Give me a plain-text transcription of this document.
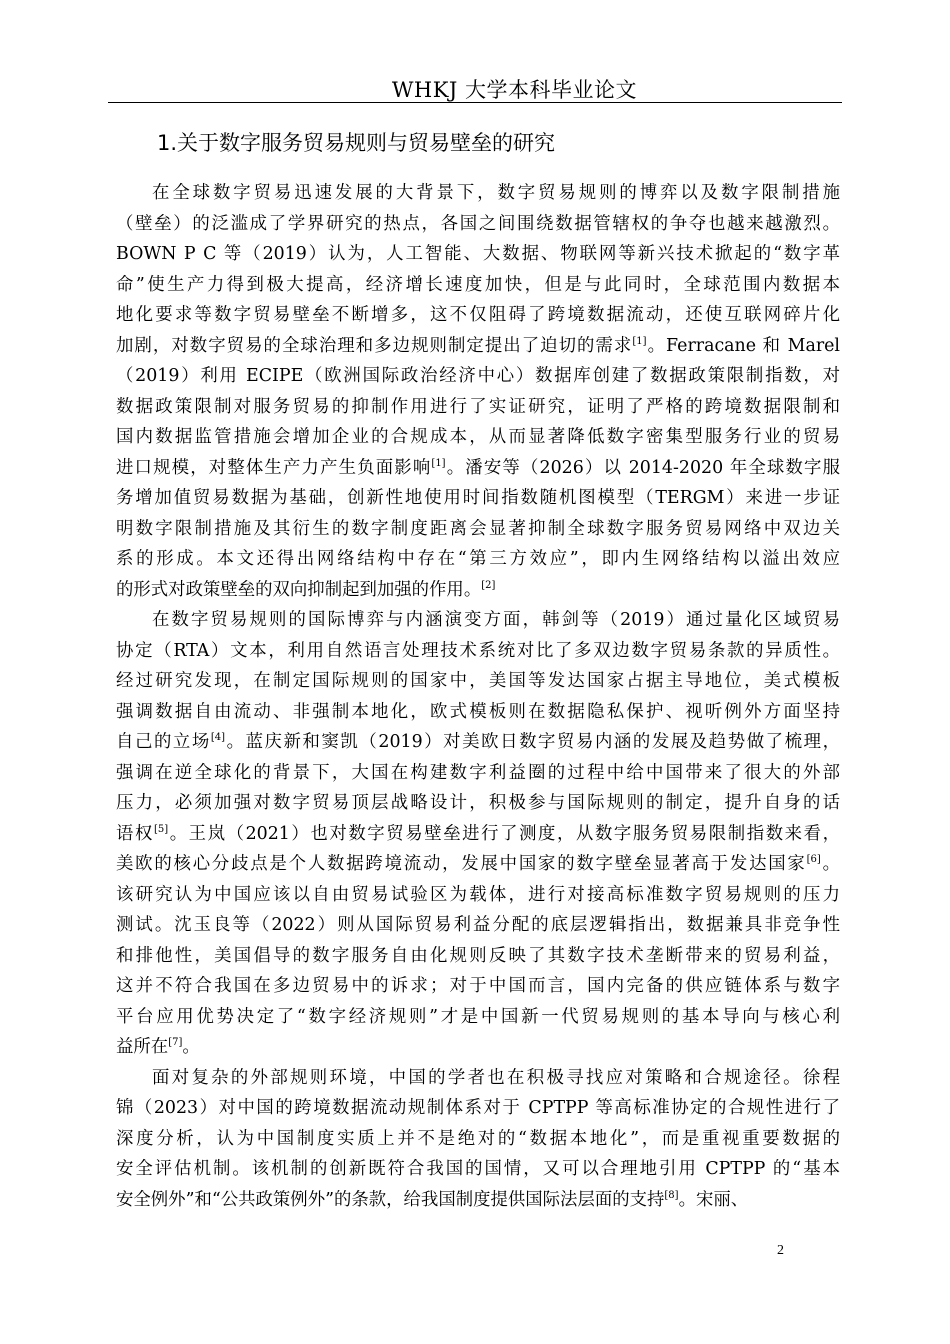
WHKJ 大学本科毕业论文
1.关于数字服务贸易规则与贸易壁垒的研究
在全球数字贸易迅速发展的大背景下，数字贸易规则的博弈以及数字限制措施
（壁垒）的泛滥成了学界研究的热点，各国之间围绕数据管辖权的争夺也越来越激烈。
BOWN P C 等（2019）认为，人工智能、大数据、物联网等新兴技术掀起的“数字革
命”使生产力得到极大提高，经济增长速度加快，但是与此同时，全球范围内数据本
地化要求等数字贸易壁垒不断增多，这不仅阻碍了跨境数据流动，还使互联网碎片化
加剧，对数字贸易的全球治理和多边规则制定提出了迫切的需求[1]。Ferracane 和 Marel
（2019）利用 ECIPE（欧洲国际政治经济中心）数据库创建了数据政策限制指数，对
数据政策限制对服务贸易的抑制作用进行了实证研究，证明了严格的跨境数据限制和
国内数据监管措施会增加企业的合规成本，从而显著降低数字密集型服务行业的贸易
进口规模，对整体生产力产生负面影响[1]。潘安等（2026）以 2014-2020 年全球数字服
务增加值贸易数据为基础，创新性地使用时间指数随机图模型（TERGM）来进一步证
明数字限制措施及其衍生的数字制度距离会显著抑制全球数字服务贸易网络中双边关
系的形成。本文还得出网络结构中存在“第三方效应”，即内生网络结构以溢出效应
的形式对政策壁垒的双向抑制起到加强的作用。[2]
在数字贸易规则的国际博弈与内涵演变方面，韩剑等（2019）通过量化区域贸易
协定（RTA）文本，利用自然语言处理技术系统对比了多双边数字贸易条款的异质性。
经过研究发现，在制定国际规则的国家中，美国等发达国家占据主导地位，美式模板
强调数据自由流动、非强制本地化，欧式模板则在数据隐私保护、视听例外方面坚持
自己的立场[4]。蓝庆新和窦凯（2019）对美欧日数字贸易内涵的发展及趋势做了梳理，
强调在逆全球化的背景下，大国在构建数字利益圈的过程中给中国带来了很大的外部
压力，必须加强对数字贸易顶层战略设计，积极参与国际规则的制定，提升自身的话
语权[5]。王岚（2021）也对数字贸易壁垒进行了测度，从数字服务贸易限制指数来看，
美欧的核心分歧点是个人数据跨境流动，发展中国家的数字壁垒显著高于发达国家[6]。
该研究认为中国应该以自由贸易试验区为载体，进行对接高标准数字贸易规则的压力
测试。沈玉良等（2022）则从国际贸易利益分配的底层逻辑指出，数据兼具非竞争性
和排他性，美国倡导的数字服务自由化规则反映了其数字技术垄断带来的贸易利益，
这并不符合我国在多边贸易中的诉求；对于中国而言，国内完备的供应链体系与数字
平台应用优势决定了“数字经济规则”才是中国新一代贸易规则的基本导向与核心利
益所在[7]。
面对复杂的外部规则环境，中国的学者也在积极寻找应对策略和合规途径。徐程
锦（2023）对中国的跨境数据流动规制体系对于 CPTPP 等高标准协定的合规性进行了
深度分析，认为中国制度实质上并不是绝对的“数据本地化”，而是重视重要数据的
安全评估机制。该机制的创新既符合我国的国情，又可以合理地引用 CPTPP 的“基本
安全例外”和“公共政策例外”的条款，给我国制度提供国际法层面的支持[8]。宋丽、
2
